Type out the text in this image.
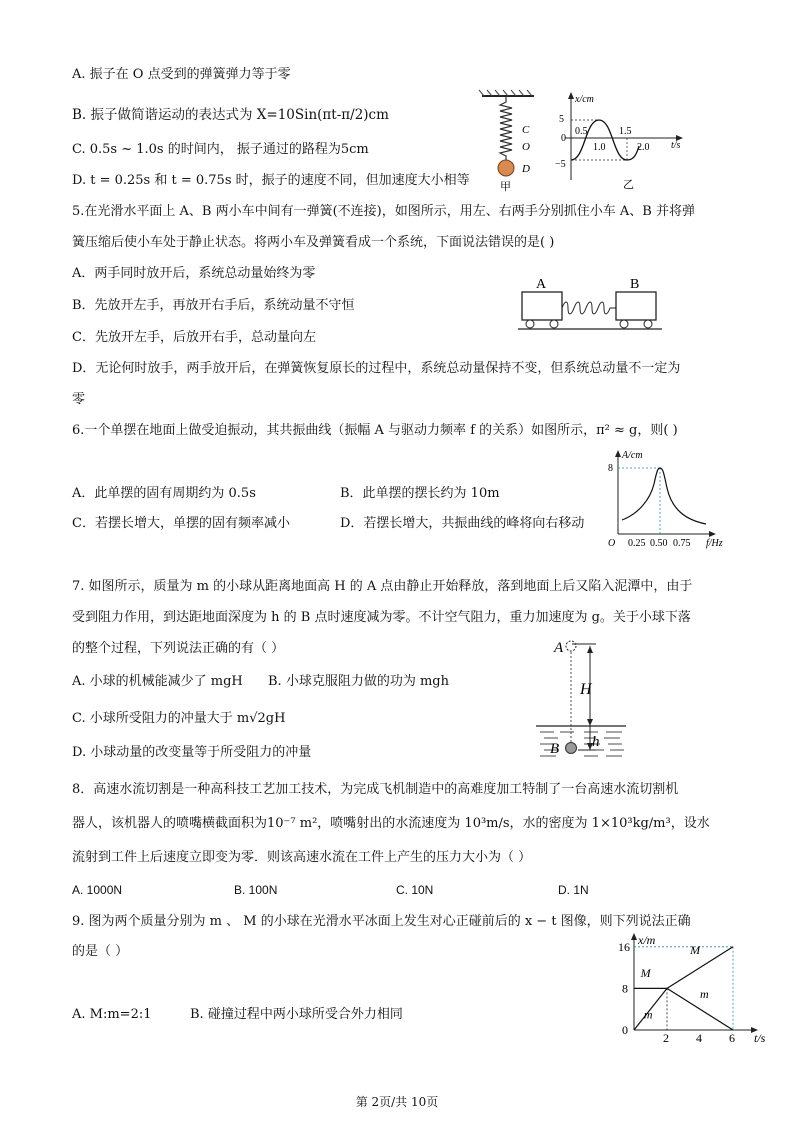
A. 振子在 O 点受到的弹簧弹力等于零
B. 振子做简谐运动的表达式为 X=10Sin(πt-π/2)cm
C. 0.5s ~ 1.0s 的时间内， 振子通过的路程为5cm
D. t = 0.25s 和 t = 0.75s 时，振子的速度不同，但加速度大小相等
C
O
D
甲
x/cm
t/s
5
0
−5
0.5
1.0
1.5
2.0
乙
5.在光滑水平面上 A、B 两小车中间有一弹簧(不连接)，如图所示，用左、右两手分别抓住小车 A、B 并将弹
簧压缩后使小车处于静止状态。将两小车及弹簧看成一个系统，下面说法错误的是( )
A．两手同时放开后，系统总动量始终为零
B．先放开左手，再放开右手后，系统动量不守恒
C．先放开左手，后放开右手，总动量向左
D．无论何时放手，两手放开后，在弹簧恢复原长的过程中，系统总动量保持不变，但系统总动量不一定为
零
A	B
6.一个单摆在地面上做受迫振动，其共振曲线（振幅 A 与驱动力频率 f 的关系）如图所示，π² ≈ g，则( )
A．此单摆的固有周期约为 0.5s	B．此单摆的摆长约为 10m
C．若摆长增大，单摆的固有频率减小	D．若摆长增大，共振曲线的峰将向右移动
A/cm
f/Hz
O
8
0.25 0.50 0.75
7. 如图所示，质量为 m 的小球从距离地面高 H 的 A 点由静止开始释放，落到地面上后又陷入泥潭中，由于
受到阻力作用，到达距地面深度为 h 的 B 点时速度减为零。不计空气阻力，重力加速度为 g。关于小球下落
的整个过程，下列说法正确的有（ ）
A. 小球的机械能减少了 mgH B. 小球克服阻力做的功为 mgh
C. 小球所受阻力的冲量大于 m√2gH
D. 小球动量的改变量等于所受阻力的冲量
A
H
B h
8．高速水流切割是一种高科技工艺加工技术，为完成飞机制造中的高难度加工特制了一台高速水流切割机
器人，该机器人的喷嘴横截面积为10⁻⁷ m²，喷嘴射出的水流速度为 10³m/s，水的密度为 1×10³kg/m³，设水
流射到工件上后速度立即变为零．则该高速水流在工件上产生的压力大小为（ ）
A. 1000N	B. 100N	C. 10N	D. 1N
9. 图为两个质量分别为 m 、 M 的小球在光滑水平冰面上发生对心正碰前后的 x − t 图像，则下列说法正确
的是（ ）
A. M:m=2:1	B. 碰撞过程中两小球所受合外力相同
x/m
t/s
2 4 6
0
8
16
m
M
M
m
第 2页/共 10页
